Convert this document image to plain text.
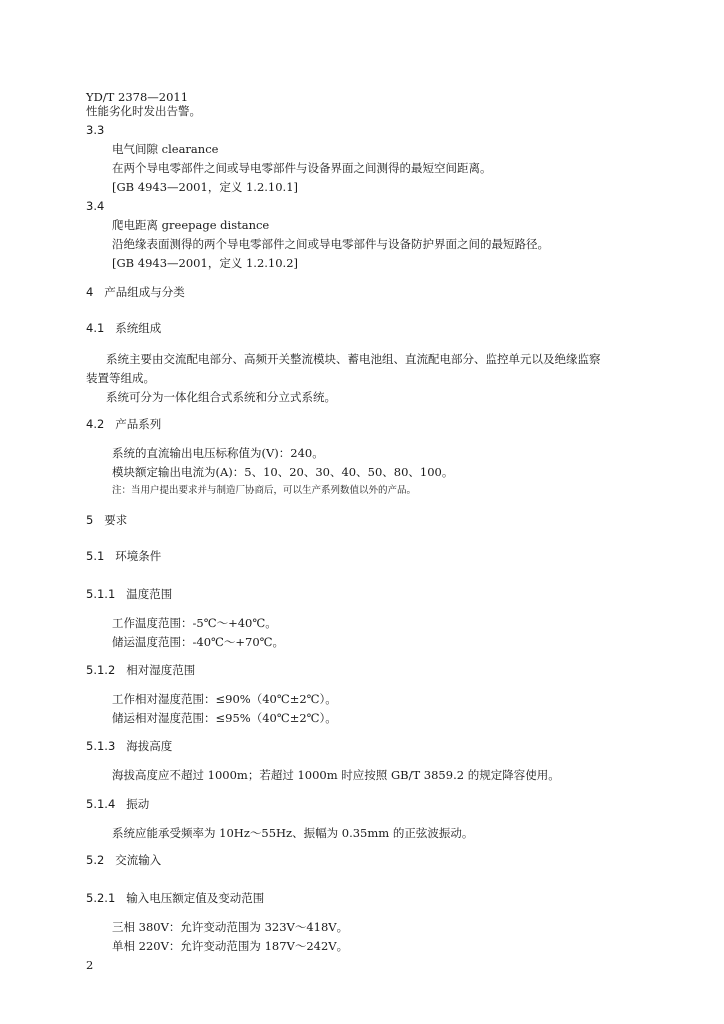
YD/T 2378—2011
性能劣化时发出告警。
3.3
电气间隙 clearance
在两个导电零部件之间或导电零部件与设备界面之间测得的最短空间距离。
[GB 4943—2001，定义 1.2.10.1]
3.4
爬电距离 greepage distance
沿绝缘表面测得的两个导电零部件之间或导电零部件与设备防护界面之间的最短路径。
[GB 4943—2001，定义 1.2.10.2]
4 产品组成与分类
4.1 系统组成
系统主要由交流配电部分、高频开关整流模块、蓄电池组、直流配电部分、监控单元以及绝缘监察
装置等组成。
系统可分为一体化组合式系统和分立式系统。
4.2 产品系列
系统的直流输出电压标称值为(V)：240。
模块额定输出电流为(A)：5、10、20、30、40、50、80、100。
注：当用户提出要求并与制造厂协商后，可以生产系列数值以外的产品。
5 要求
5.1 环境条件
5.1.1 温度范围
工作温度范围：-5℃～+40℃。
储运温度范围：-40℃～+70℃。
5.1.2 相对湿度范围
工作相对湿度范围：≤90%（40℃±2℃）。
储运相对湿度范围：≤95%（40℃±2℃）。
5.1.3 海拔高度
海拔高度应不超过 1000m；若超过 1000m 时应按照 GB/T 3859.2 的规定降容使用。
5.1.4 振动
系统应能承受频率为 10Hz～55Hz、振幅为 0.35mm 的正弦波振动。
5.2 交流输入
5.2.1 输入电压额定值及变动范围
三相 380V：允许变动范围为 323V～418V。
单相 220V：允许变动范围为 187V～242V。
2
